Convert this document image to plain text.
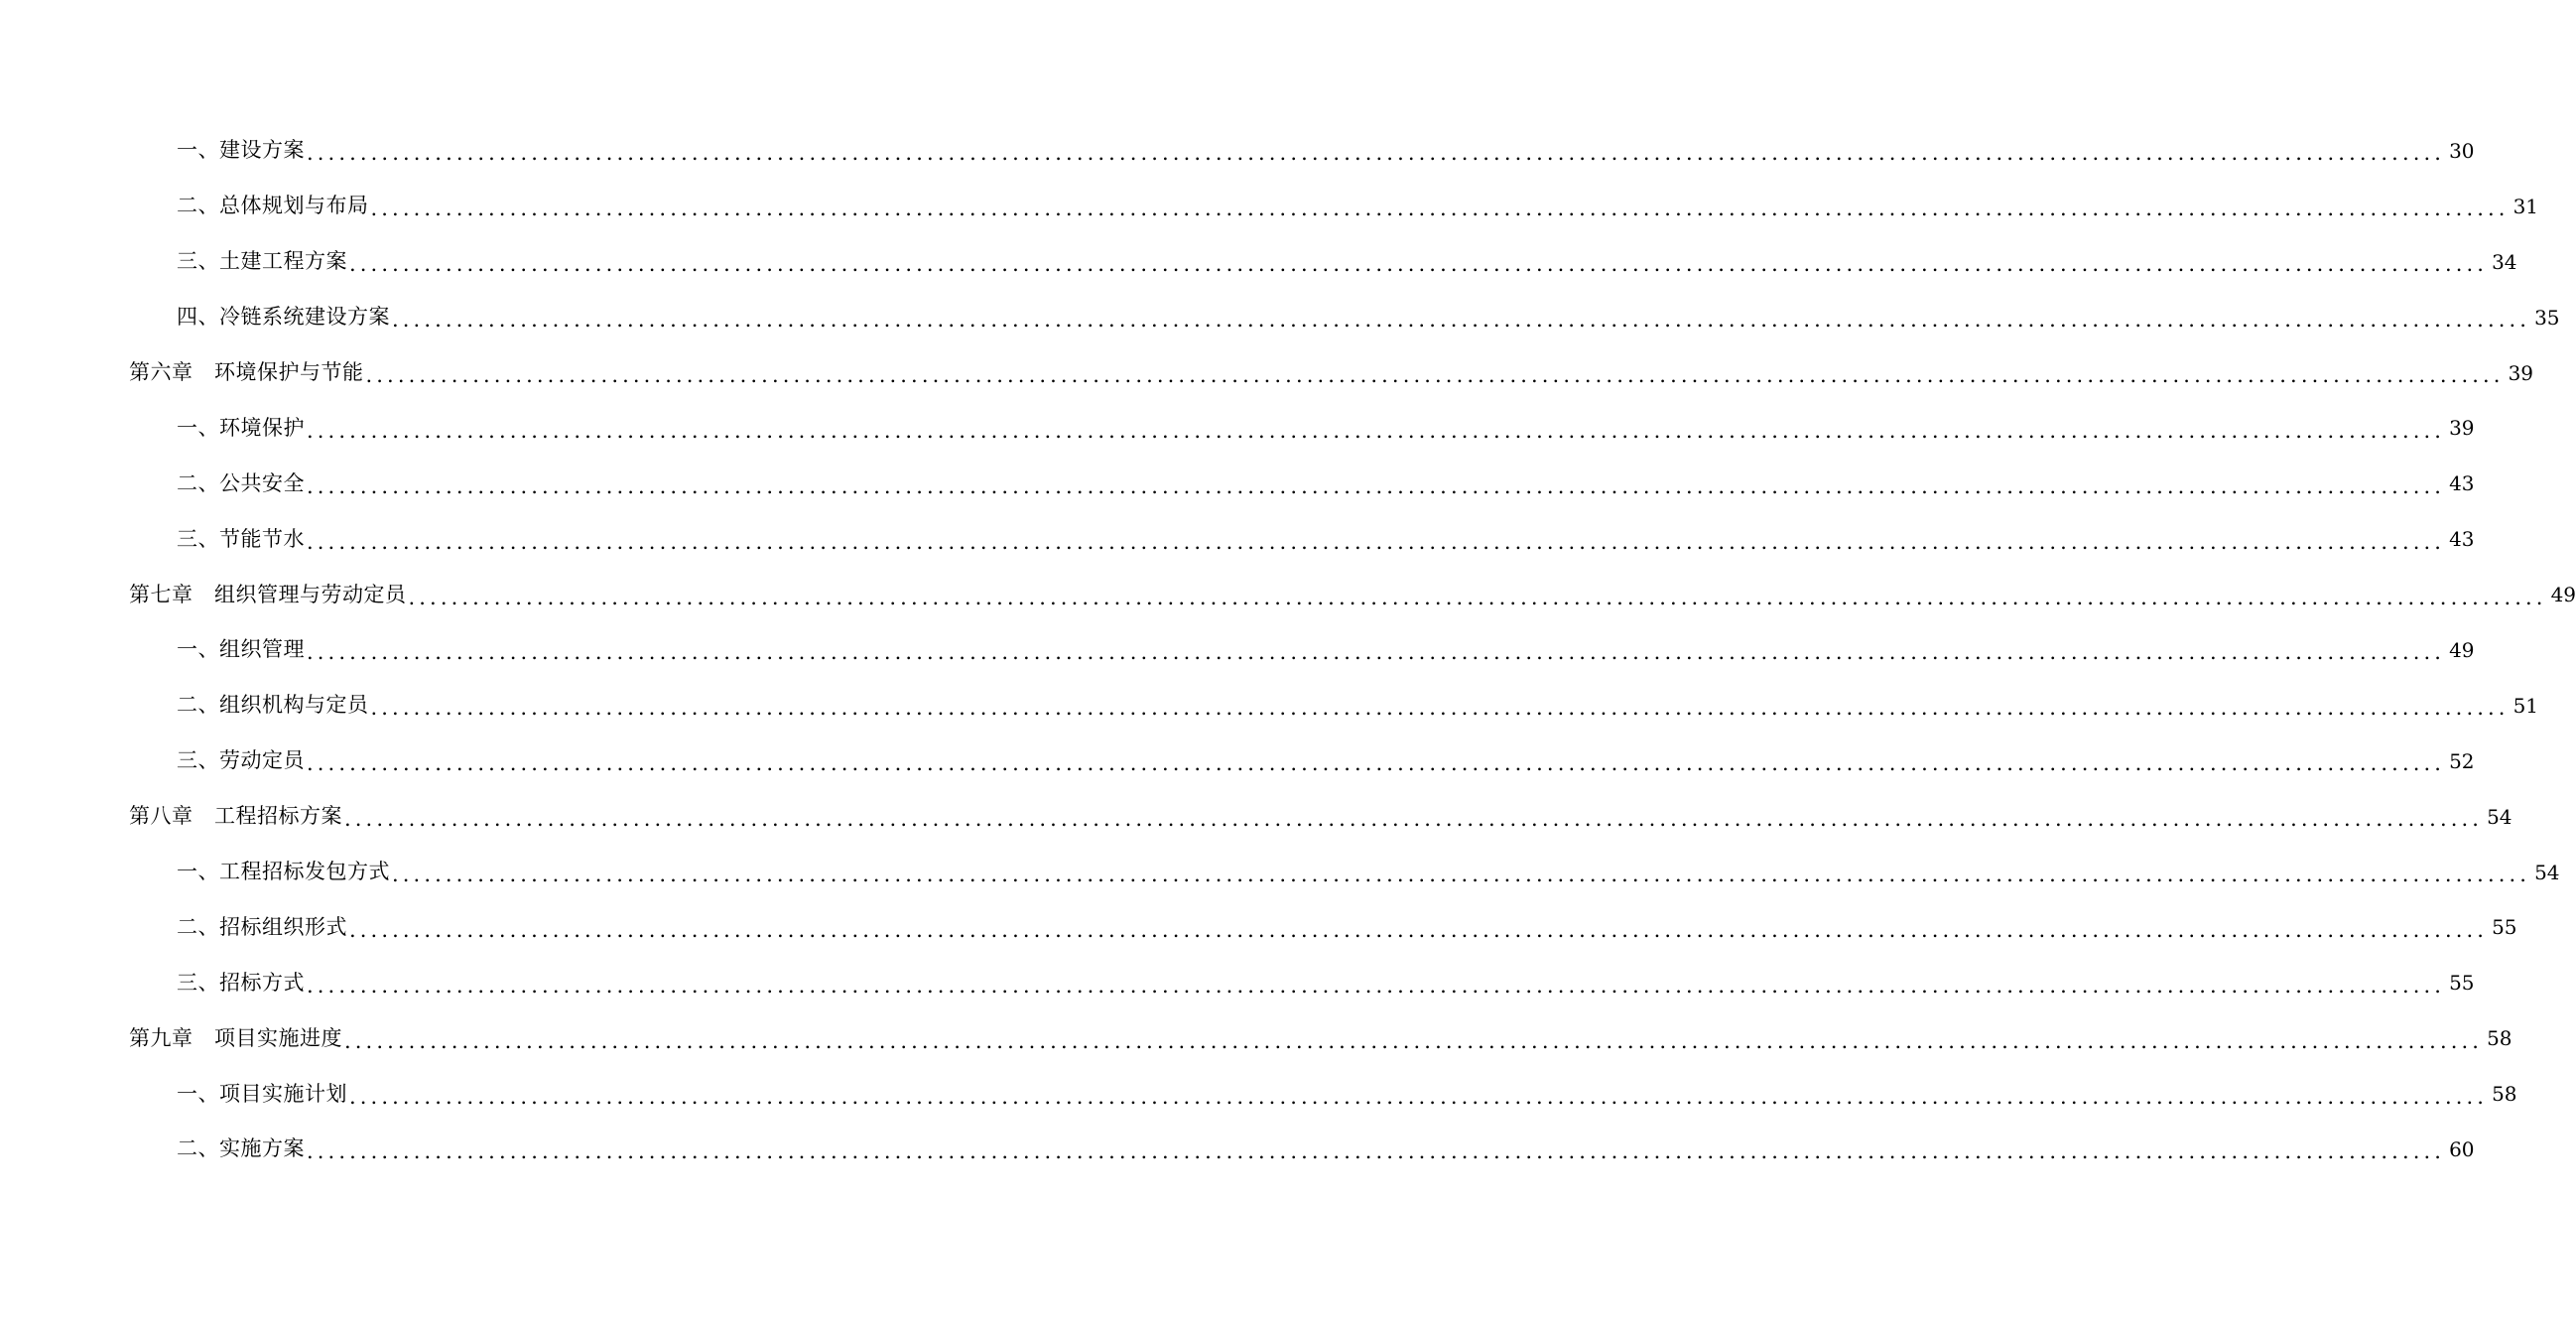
一、建设方案 ........................................................................................................................................................................................................ 30
二、总体规划与布局 ........................................................................................................................................................................................................ 31
三、土建工程方案 ........................................................................................................................................................................................................ 34
四、冷链系统建设方案 ........................................................................................................................................................................................................ 35
第六章　环境保护与节能 ........................................................................................................................................................................................................ 39
一、环境保护 ........................................................................................................................................................................................................ 39
二、公共安全 ........................................................................................................................................................................................................ 43
三、节能节水 ........................................................................................................................................................................................................ 43
第七章　组织管理与劳动定员 ........................................................................................................................................................................................................ 49
一、组织管理 ........................................................................................................................................................................................................ 49
二、组织机构与定员 ........................................................................................................................................................................................................ 51
三、劳动定员 ........................................................................................................................................................................................................ 52
第八章　工程招标方案 ........................................................................................................................................................................................................ 54
一、工程招标发包方式 ........................................................................................................................................................................................................ 54
二、招标组织形式 ........................................................................................................................................................................................................ 55
三、招标方式 ........................................................................................................................................................................................................ 55
第九章　项目实施进度 ........................................................................................................................................................................................................ 58
一、项目实施计划 ........................................................................................................................................................................................................ 58
二、实施方案 ........................................................................................................................................................................................................ 60
